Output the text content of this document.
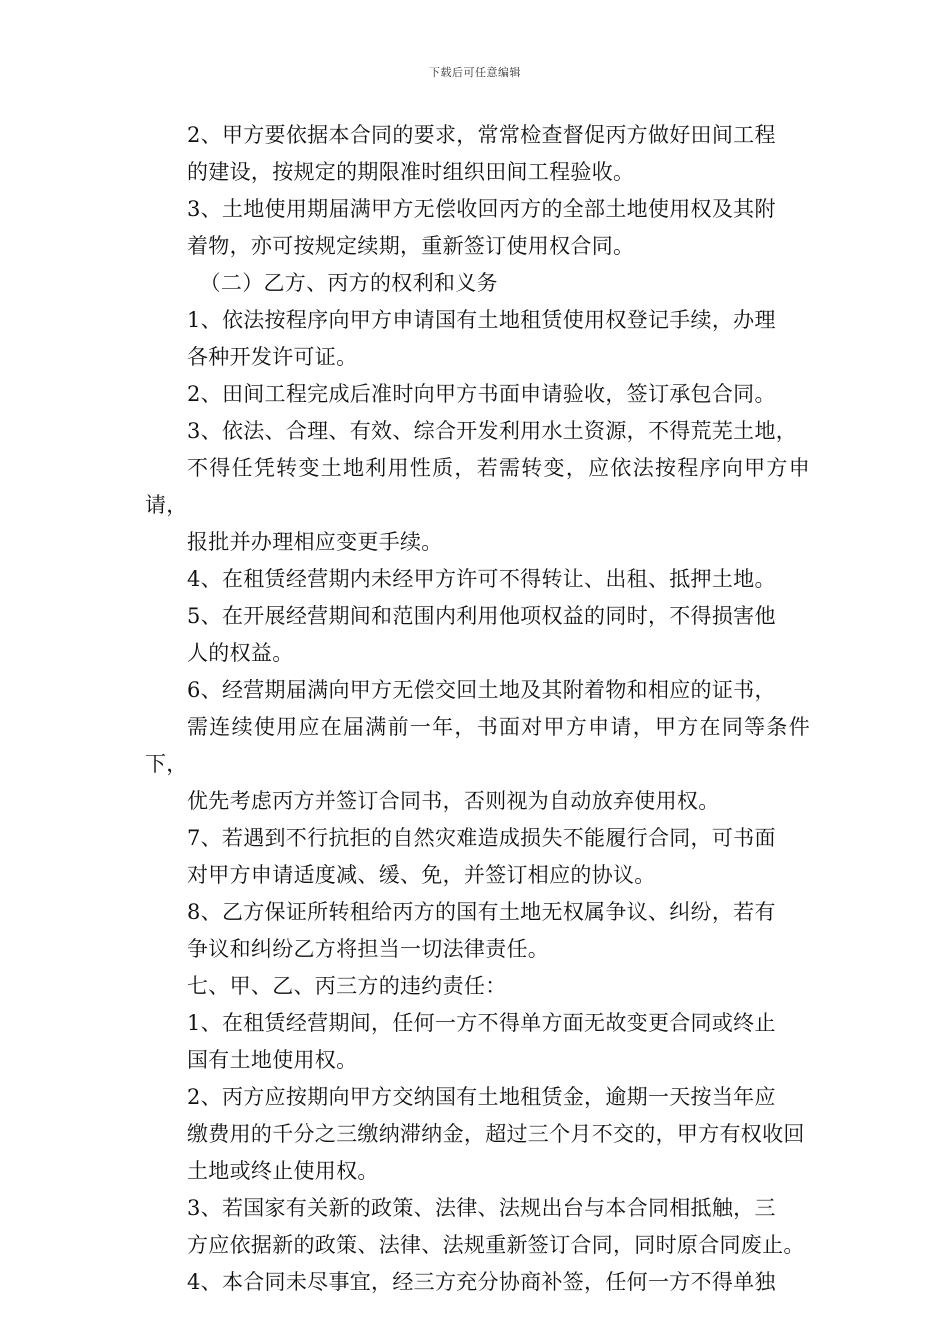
下载后可任意编辑

2、甲方要依据本合同的要求，常常检查督促丙方做好田间工程
的建设，按规定的期限准时组织田间工程验收。

3、土地使用期届满甲方无偿收回丙方的全部土地使用权及其附
着物，亦可按规定续期，重新签订使用权合同。

（二）乙方、丙方的权利和义务

1、依法按程序向甲方申请国有土地租赁使用权登记手续，办理
各种开发许可证。

2、田间工程完成后准时向甲方书面申请验收，签订承包合同。

3、依法、合理、有效、综合开发利用水土资源，不得荒芜土地，
不得任凭转变土地利用性质，若需转变，应依法按程序向甲方申请，
报批并办理相应变更手续。

4、在租赁经营期内未经甲方许可不得转让、出租、抵押土地。

5、在开展经营期间和范围内利用他项权益的同时，不得损害他
人的权益。

6、经营期届满向甲方无偿交回土地及其附着物和相应的证书，
需连续使用应在届满前一年，书面对甲方申请，甲方在同等条件下，
优先考虑丙方并签订合同书，否则视为自动放弃使用权。

7、若遇到不行抗拒的自然灾难造成损失不能履行合同，可书面
对甲方申请适度减、缓、免，并签订相应的协议。

8、乙方保证所转租给丙方的国有土地无权属争议、纠纷，若有
争议和纠纷乙方将担当一切法律责任。

七、甲、乙、丙三方的违约责任：

1、在租赁经营期间，任何一方不得单方面无故变更合同或终止
国有土地使用权。

2、丙方应按期向甲方交纳国有土地租赁金，逾期一天按当年应
缴费用的千分之三缴纳滞纳金，超过三个月不交的，甲方有权收回
土地或终止使用权。

3、若国家有关新的政策、法律、法规出台与本合同相抵触，三
方应依据新的政策、法律、法规重新签订合同，同时原合同废止。

4、本合同未尽事宜，经三方充分协商补签，任何一方不得单独
